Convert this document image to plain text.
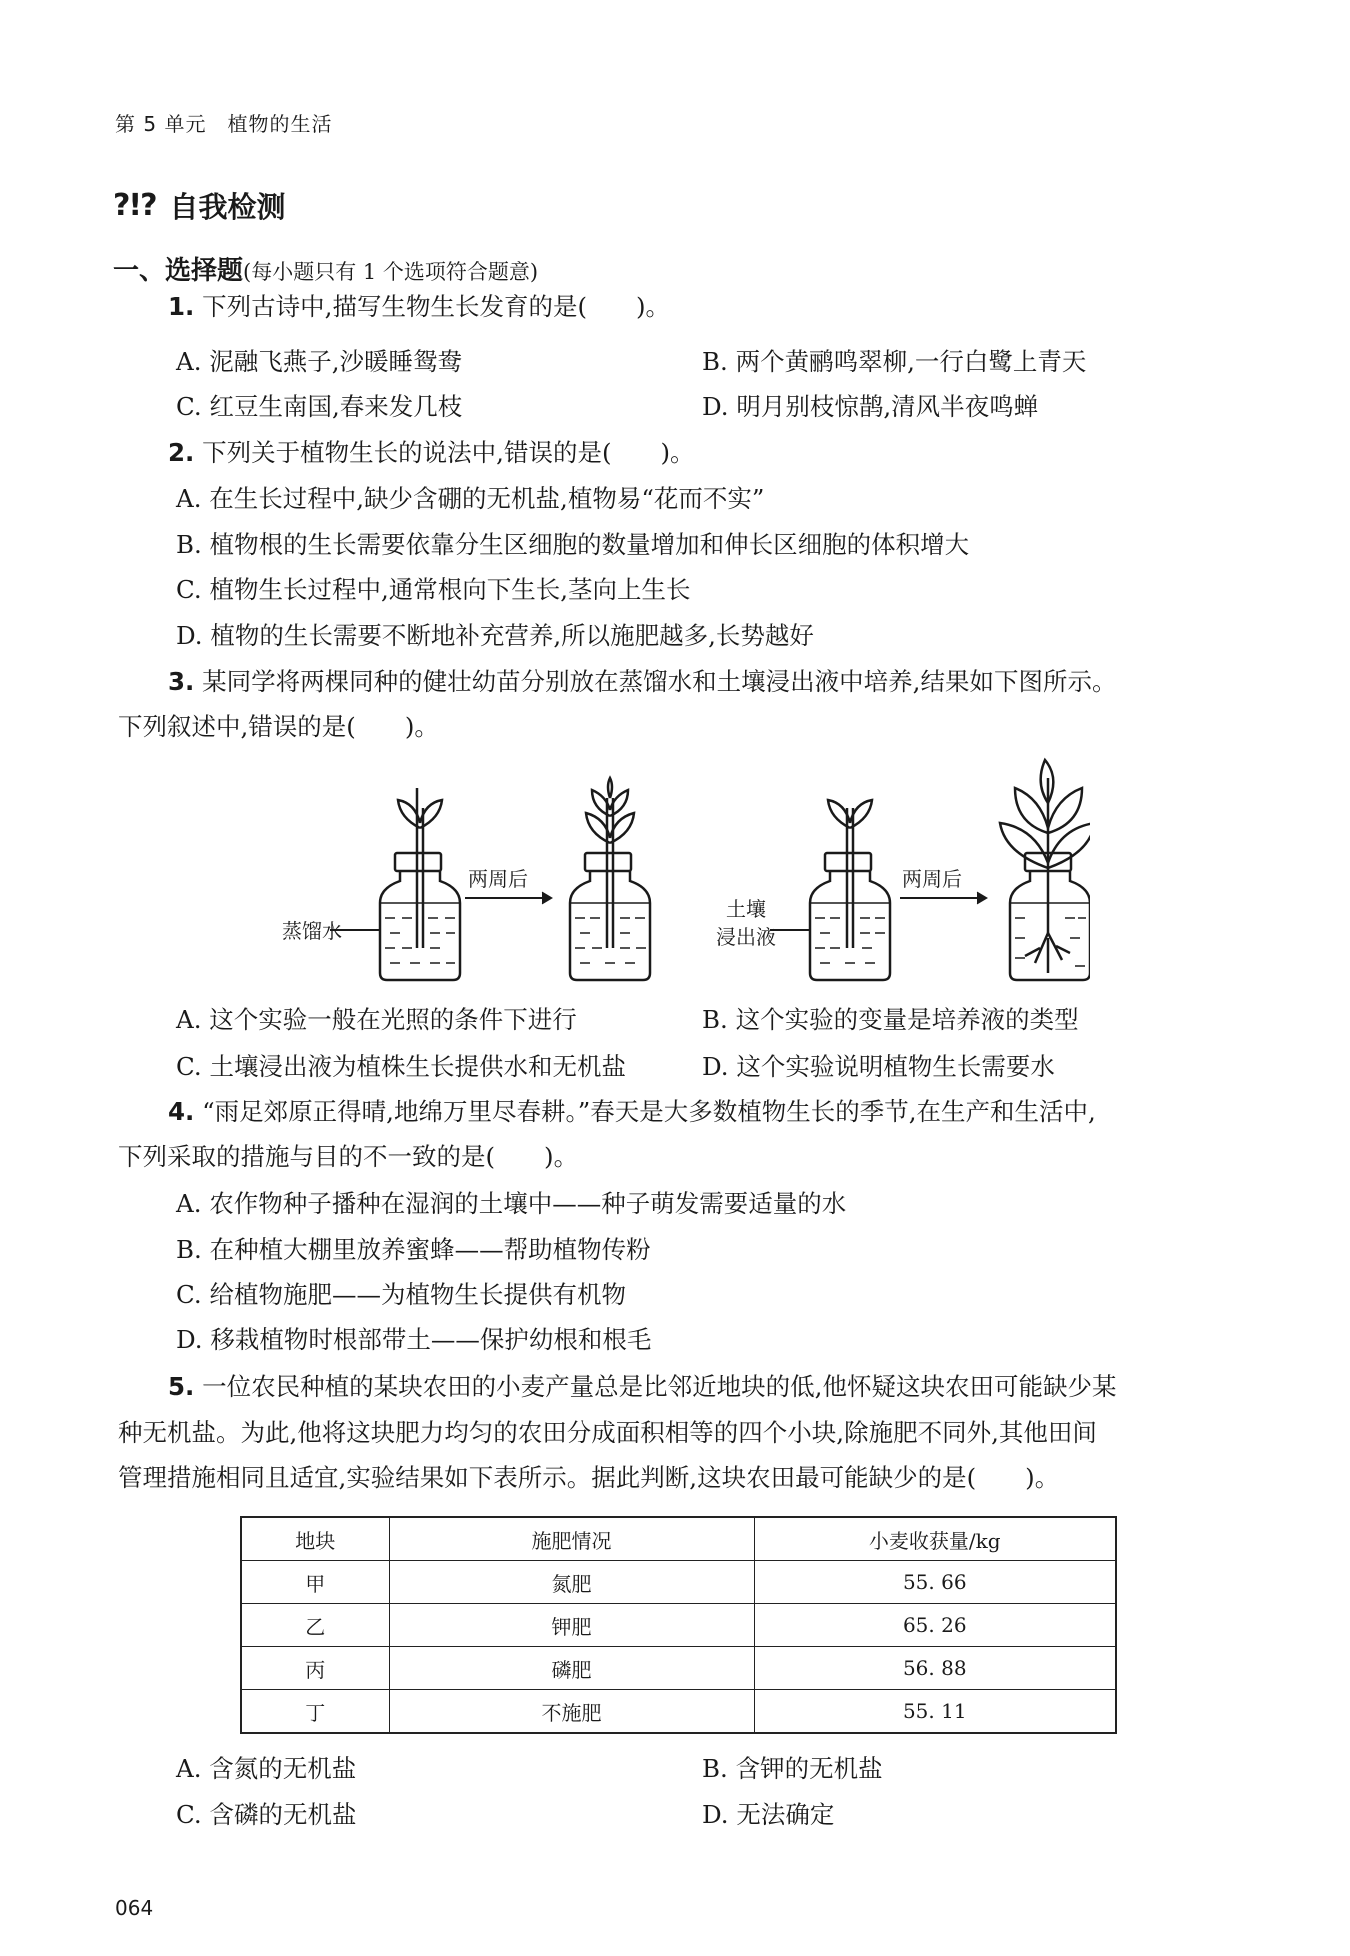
第 5 单元　植物的生活
?!? 自我检测
一、选择题(每小题只有 1 个选项符合题意)
1. 下列古诗中,描写生物生长发育的是(　　)。
A. 泥融飞燕子,沙暖睡鸳鸯	B. 两个黄鹂鸣翠柳,一行白鹭上青天
C. 红豆生南国,春来发几枝	D. 明月别枝惊鹊,清风半夜鸣蝉
2. 下列关于植物生长的说法中,错误的是(　　)。
A. 在生长过程中,缺少含硼的无机盐,植物易“花而不实”
B. 植物根的生长需要依靠分生区细胞的数量增加和伸长区细胞的体积增大
C. 植物生长过程中,通常根向下生长,茎向上生长
D. 植物的生长需要不断地补充营养,所以施肥越多,长势越好
3. 某同学将两棵同种的健壮幼苗分别放在蒸馏水和土壤浸出液中培养,结果如下图所示。
下列叙述中,错误的是(　　)。
蒸馏水
两周后
土壤
浸出液
两周后
A. 这个实验一般在光照的条件下进行	B. 这个实验的变量是培养液的类型
C. 土壤浸出液为植株生长提供水和无机盐	D. 这个实验说明植物生长需要水
4. “雨足郊原正得晴,地绵万里尽春耕。”春天是大多数植物生长的季节,在生产和生活中,
下列采取的措施与目的不一致的是(　　)。
A. 农作物种子播种在湿润的土壤中——种子萌发需要适量的水
B. 在种植大棚里放养蜜蜂——帮助植物传粉
C. 给植物施肥——为植物生长提供有机物
D. 移栽植物时根部带土——保护幼根和根毛
5. 一位农民种植的某块农田的小麦产量总是比邻近地块的低,他怀疑这块农田可能缺少某
种无机盐。为此,他将这块肥力均匀的农田分成面积相等的四个小块,除施肥不同外,其他田间
管理措施相同且适宜,实验结果如下表所示。据此判断,这块农田最可能缺少的是(　　)。
地块	施肥情况	小麦收获量/kg
甲	氮肥	55. 66
乙	钾肥	65. 26
丙	磷肥	56. 88
丁	不施肥	55. 11
A. 含氮的无机盐	B. 含钾的无机盐
C. 含磷的无机盐	D. 无法确定
064
